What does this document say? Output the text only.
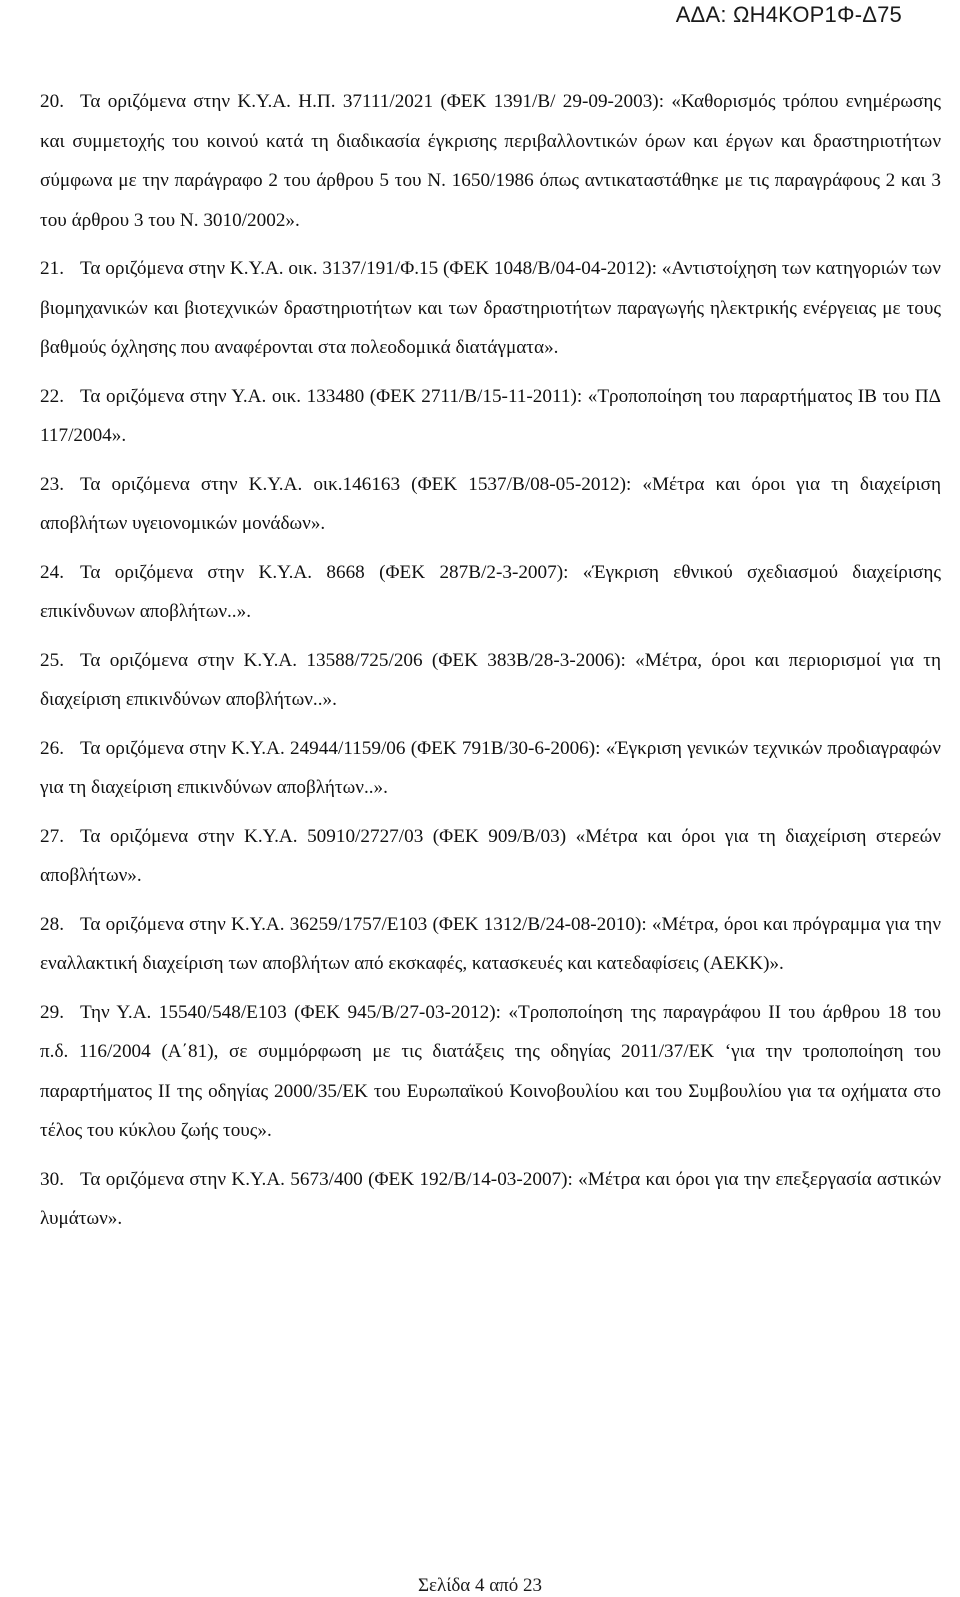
ΑΔΑ: ΩΗ4ΚΟΡ1Φ-Δ75

20. Τα οριζόμενα στην Κ.Υ.Α. Η.Π. 37111/2021 (ΦΕΚ 1391/Β/ 29-09-2003): «Καθορισμός τρόπου ενημέρωσης και συμμετοχής του κοινού κατά τη διαδικασία έγκρισης περιβαλλοντικών όρων και έργων και δραστηριοτήτων σύμφωνα με την παράγραφο 2 του άρθρου 5 του Ν. 1650/1986 όπως αντικαταστάθηκε με τις παραγράφους 2 και 3 του άρθρου 3 του Ν. 3010/2002».

21. Τα οριζόμενα στην Κ.Υ.Α. οικ. 3137/191/Φ.15 (ΦΕΚ 1048/Β/04-04-2012): «Αντιστοίχηση των κατηγοριών των βιομηχανικών και βιοτεχνικών δραστηριοτήτων και των δραστηριοτήτων παραγωγής ηλεκτρικής ενέργειας με τους βαθμούς όχλησης που αναφέρονται στα πολεοδομικά διατάγματα».

22. Τα οριζόμενα στην Υ.Α. οικ. 133480 (ΦΕΚ 2711/Β/15-11-2011): «Τροποποίηση του παραρτήματος ΙΒ του ΠΔ 117/2004».

23. Τα οριζόμενα στην Κ.Υ.Α. οικ.146163 (ΦΕΚ 1537/Β/08-05-2012): «Μέτρα και όροι για τη διαχείριση αποβλήτων υγειονομικών μονάδων».

24. Τα οριζόμενα στην Κ.Υ.Α. 8668 (ΦΕΚ 287Β/2-3-2007): «Έγκριση εθνικού σχεδιασμού διαχείρισης επικίνδυνων αποβλήτων..».

25. Τα οριζόμενα στην Κ.Υ.Α. 13588/725/206 (ΦΕΚ 383Β/28-3-2006): «Μέτρα, όροι και περιορισμοί για τη διαχείριση επικινδύνων αποβλήτων..».

26. Τα οριζόμενα στην Κ.Υ.Α. 24944/1159/06 (ΦΕΚ 791Β/30-6-2006): «Έγκριση γενικών τεχνικών προδιαγραφών για τη διαχείριση επικινδύνων αποβλήτων..».

27. Τα οριζόμενα στην Κ.Υ.Α. 50910/2727/03 (ΦΕΚ 909/Β/03) «Μέτρα και όροι για τη διαχείριση στερεών αποβλήτων».

28. Τα οριζόμενα στην Κ.Υ.Α. 36259/1757/Ε103 (ΦΕΚ 1312/Β/24-08-2010): «Μέτρα, όροι και πρόγραμμα για την εναλλακτική διαχείριση των αποβλήτων από εκσκαφές, κατασκευές και κατεδαφίσεις (ΑΕΚΚ)».

29. Την Υ.Α. 15540/548/Ε103 (ΦΕΚ 945/Β/27-03-2012): «Τροποποίηση της παραγράφου ΙΙ του άρθρου 18 του π.δ. 116/2004 (Α΄81), σε συμμόρφωση με τις διατάξεις της οδηγίας 2011/37/ΕΚ ‘για την τροποποίηση του παραρτήματος ΙΙ της οδηγίας 2000/35/ΕΚ του Ευρωπαϊκού Κοινοβουλίου και του Συμβουλίου για τα οχήματα στο τέλος του κύκλου ζωής τους».

30. Τα οριζόμενα στην Κ.Υ.Α. 5673/400 (ΦΕΚ 192/Β/14-03-2007): «Μέτρα και όροι για την επεξεργασία αστικών λυμάτων».

Σελίδα 4 από 23
